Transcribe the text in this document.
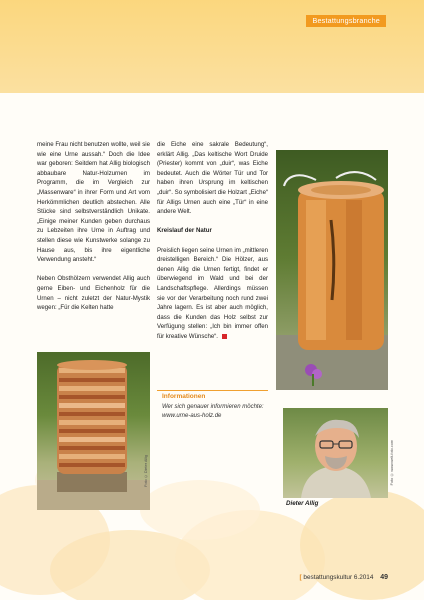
Bestattungsbranche

meine Frau nicht benutzen wollte, weil sie wie eine Urne aussah.“ Doch die Idee war geboren: Seitdem hat Allig biologisch abbaubare Natur-Holzurnen im Programm, die im Vergleich zur „Massenware“ in ihrer Form und Art vom Herkömmlichen deutlich abstechen. Alle Stücke sind selbstverständlich Unikate. „Einige meiner Kunden geben durchaus zu Lebzeiten ihre Urne in Auftrag und stellen diese wie Kunstwerke solange zu Hause aus, bis ihre eigentliche Verwendung ansteht.“

Neben Obsthölzern verwendet Allig auch gerne Eiben- und Eichenholz für die Urnen – nicht zuletzt der Natur-Mystik wegen: „Für die Kelten hatte

die Eiche eine sakrale Bedeutung“, erklärt Allig. „Das keltische Wort Druide (Priester) kommt von „duir“, was Eiche bedeutet. Auch die Wörter Tür und Tor haben ihren Ursprung im keltischen „duir“. So symbolisiert die Holzart „Eiche“ für Alligs Urnen auch eine „Tür“ in eine andere Welt.

Kreislauf der Natur

Preislich liegen seine Urnen im „mittleren dreistelligen Bereich.“ Die Hölzer, aus denen Allig die Urnen fertigt, findet er überwiegend im Wald und bei der Landschaftspflege. Allerdings müssen sie vor der Verarbeitung noch rund zwei Jahre lagern. Es ist aber auch möglich, dass die Kunden das Holz selbst zur Verfügung stellen: „Ich bin immer offen für kreative Wünsche“.

Informationen
Wer sich genauer informieren möchte: www.urne-aus-holz.de
Foto © Dieter Allig	Foto © www.welt-foto.com
Dieter Allig
[ bestattungskultur 6.2014 49
